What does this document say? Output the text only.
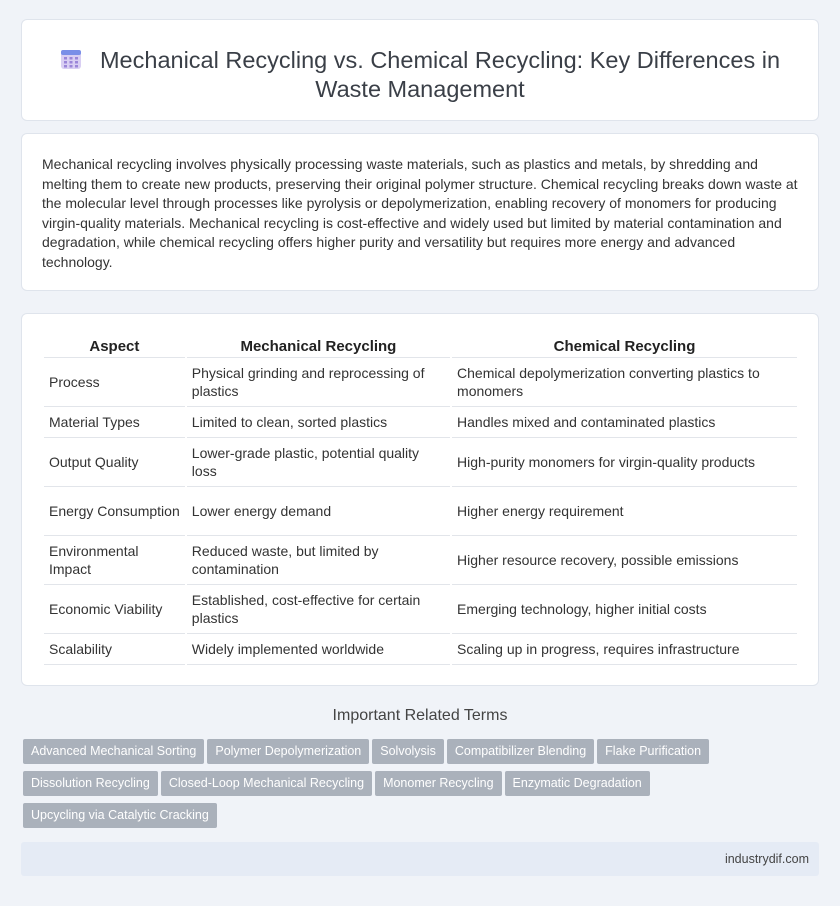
Mechanical Recycling vs. Chemical Recycling: Key Differences in Waste Management

Mechanical recycling involves physically processing waste materials, such as plastics and metals, by shredding and melting them to create new products, preserving their original polymer structure. Chemical recycling breaks down waste at the molecular level through processes like pyrolysis or depolymerization, enabling recovery of monomers for producing virgin-quality materials. Mechanical recycling is cost-effective and widely used but limited by material contamination and degradation, while chemical recycling offers higher purity and versatility but requires more energy and advanced technology.

Aspect	Mechanical Recycling	Chemical Recycling
Process	Physical grinding and reprocessing of plastics	Chemical depolymerization converting plastics to monomers
Material Types	Limited to clean, sorted plastics	Handles mixed and contaminated plastics
Output Quality	Lower-grade plastic, potential quality loss	High-purity monomers for virgin-quality products
Energy Consumption	Lower energy demand	Higher energy requirement
Environmental Impact	Reduced waste, but limited by contamination	Higher resource recovery, possible emissions
Economic Viability	Established, cost-effective for certain plastics	Emerging technology, higher initial costs
Scalability	Widely implemented worldwide	Scaling up in progress, requires infrastructure
Important Related Terms
Advanced Mechanical Sorting Polymer Depolymerization Solvolysis Compatibilizer Blending Flake Purification
Dissolution Recycling Closed-Loop Mechanical Recycling Monomer Recycling Enzymatic Degradation
Upcycling via Catalytic Cracking
industrydif.com
